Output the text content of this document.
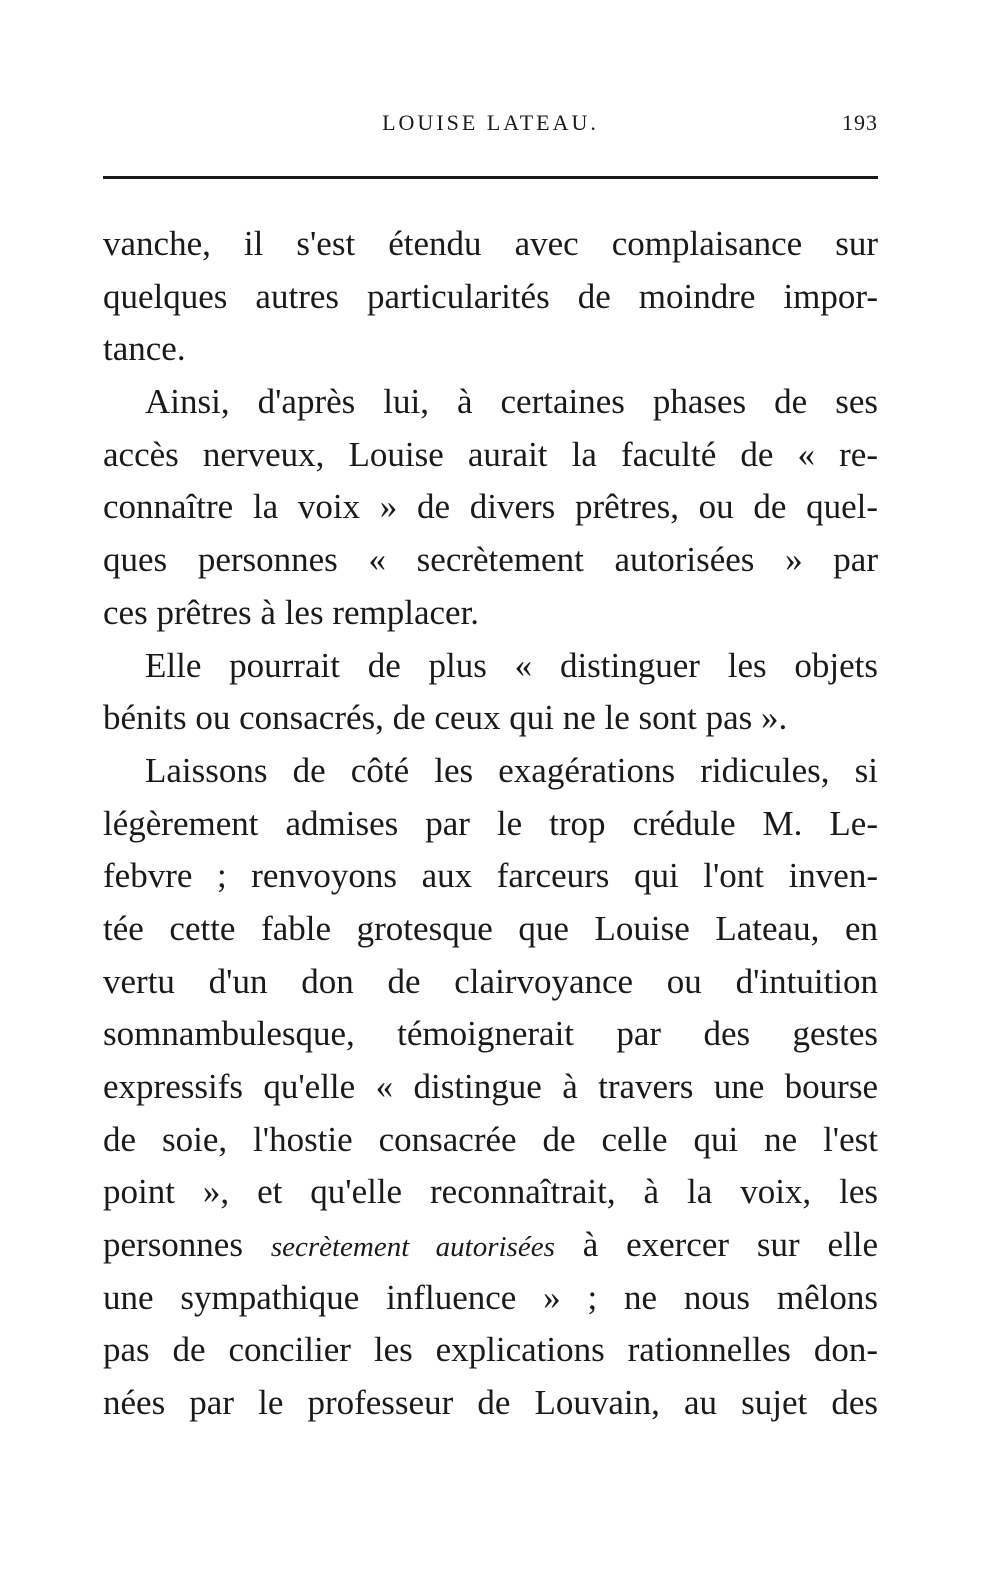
LOUISE LATEAU.	193
vanche, il s'est étendu avec complaisance sur
quelques autres particularités de moindre impor-
tance.
Ainsi, d'après lui, à certaines phases de ses
accès nerveux, Louise aurait la faculté de « re-
connaître la voix » de divers prêtres, ou de quel-
ques personnes « secrètement autorisées » par
ces prêtres à les remplacer.
Elle pourrait de plus « distinguer les objets
bénits ou consacrés, de ceux qui ne le sont pas ».
Laissons de côté les exagérations ridicules, si
légèrement admises par le trop crédule M. Le-
febvre ; renvoyons aux farceurs qui l'ont inven-
tée cette fable grotesque que Louise Lateau, en
vertu d'un don de clairvoyance ou d'intuition
somnambulesque, témoignerait par des gestes
expressifs qu'elle « distingue à travers une bourse
de soie, l'hostie consacrée de celle qui ne l'est
point », et qu'elle reconnaîtrait, à la voix, les
personnes secrètement autorisées à exercer sur elle
une sympathique influence » ; ne nous mêlons
pas de concilier les explications rationnelles don-
nées par le professeur de Louvain, au sujet des
